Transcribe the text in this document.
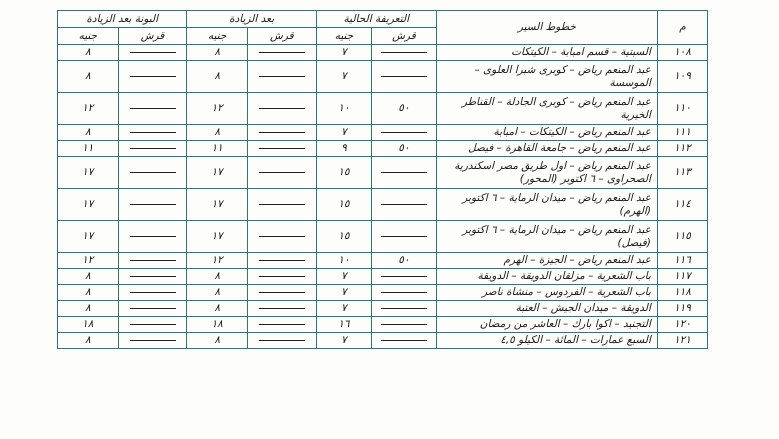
م	خطوط السير	التعريفة الحالية		بعد الزيادة		البونة بعد الزيادة	
		قرش	جنيه	قرش	جنيه	قرش	جنيه
١٠٨	السبتية – قسم امبابة – الكيتكات		٧		٨		٨
١٠٩	عبد المنعم رياض – كوبرى شبرا العلوى – الموسسة		٧		٨		٨
١١٠	عبد المنعم رياض – كوبرى الجادلة – القناطر الخيرية	٥٠	١٠		١٢		١٢
١١١	عبد المنعم رياض – الكيتكات – امبابة		٧		٨		٨
١١٢	عبد المنعم رياض – جامعة القاهرة – فيصل	٥٠	٩		١١		١١
١١٣	عبد المنعم رياض – اول طريق مصر اسكندرية الصحراوى – ٦ اكتوبر (المحور)		١٥		١٧		١٧
١١٤	عبد المنعم رياض – ميدان الرماية – ٦ اكتوبر (الهرم)		١٥		١٧		١٧
١١٥	عبد المنعم رياض – ميدان الرماية – ٦ اكتوبر (فيصل)		١٥		١٧		١٧
١١٦	عبد المنعم رياض – الجيزة – الهرم	٥٠	١٠		١٢		١٢
١١٧	باب الشعرية – مزلقان الدويقة – الدويقة		٧		٨		٨
١١٨	باب الشعرية – الفردوس – منشاة ناصر		٧		٨		٨
١١٩	الدويقة – ميدان الجيش – العتبة		٧		٨		٨
١٢٠	التجنيد – اكوا بارك – العاشر من رمضان		١٦		١٨		١٨
١٢١	السبع عمارات – المائة – الكيلو ٤,٥		٧		٨		٨
